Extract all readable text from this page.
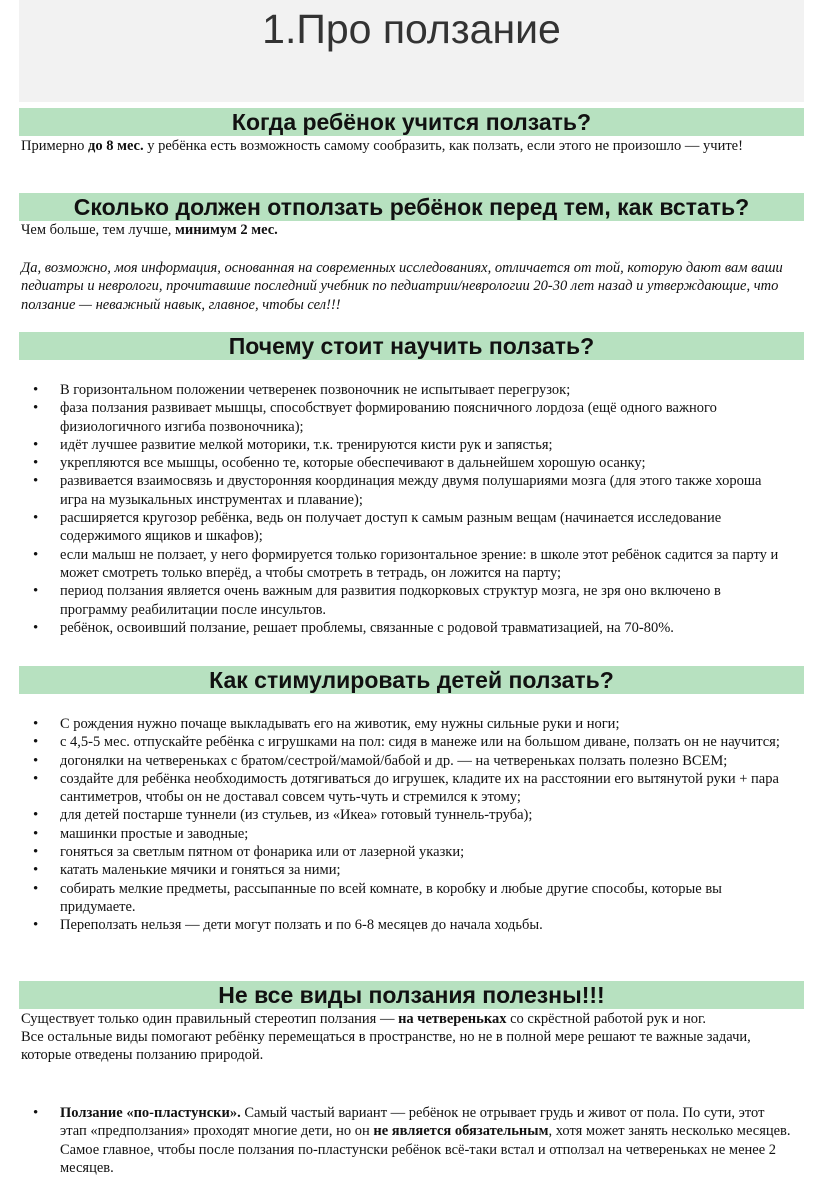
1.Про ползание
Когда ребёнок учится ползать?
Примерно до 8 мес. у ребёнка есть возможность самому сообразить, как ползать, если этого не произошло — учите!
Сколько должен отползать ребёнок перед тем, как встать?
Чем больше, тем лучше, минимум 2 мес.
Да, возможно, моя информация, основанная на современных исследованиях, отличается от той, которую дают вам ваши педиатры и неврологи, прочитавшие последний учебник по педиатрии/неврологии 20-30 лет назад и утверждающие, что ползание — неважный навык, главное, чтобы сел!!!
Почему стоит научить ползать?
• В горизонтальном положении четверенек позвоночник не испытывает перегрузок;
• фаза ползания развивает мышцы, способствует формированию поясничного лордоза (ещё одного важного физиологичного изгиба позвоночника);
• идёт лучшее развитие мелкой моторики, т.к. тренируются кисти рук и запястья;
• укрепляются все мышцы, особенно те, которые обеспечивают в дальнейшем хорошую осанку;
• развивается взаимосвязь и двусторонняя координация между двумя полушариями мозга (для этого также хороша игра на музыкальных инструментах и плавание);
• расширяется кругозор ребёнка, ведь он получает доступ к самым разным вещам (начинается исследование содержимого ящиков и шкафов);
• если малыш не ползает, у него формируется только горизонтальное зрение: в школе этот ребёнок садится за парту и может смотреть только вперёд, а чтобы смотреть в тетрадь, он ложится на парту;
• период ползания является очень важным для развития подкорковых структур мозга, не зря оно включено в программу реабилитации после инсультов.
• ребёнок, освоивший ползание, решает проблемы, связанные с родовой травматизацией, на 70-80%.
Как стимулировать детей ползать?
• С рождения нужно почаще выкладывать его на животик, ему нужны сильные руки и ноги;
• с 4,5-5 мес. отпускайте ребёнка с игрушками на пол: сидя в манеже или на большом диване, ползать он не научится;
• догонялки на четвереньках с братом/сестрой/мамой/бабой и др. — на четвереньках ползать полезно ВСЕМ;
• создайте для ребёнка необходимость дотягиваться до игрушек, кладите их на расстоянии его вытянутой руки + пара сантиметров, чтобы он не доставал совсем чуть-чуть и стремился к этому;
• для детей постарше туннели (из стульев, из «Икеа» готовый туннель-труба);
• машинки простые и заводные;
• гоняться за светлым пятном от фонарика или от лазерной указки;
• катать маленькие мячики и гоняться за ними;
• собирать мелкие предметы, рассыпанные по всей комнате, в коробку и любые другие способы, которые вы придумаете.
• Переползать нельзя — дети могут ползать и по 6-8 месяцев до начала ходьбы.
Не все виды ползания полезны!!!
Существует только один правильный стереотип ползания — на четвереньках со скрёстной работой рук и ног.
Все остальные виды помогают ребёнку перемещаться в пространстве, но не в полной мере решают те важные задачи, которые отведены ползанию природой.
• Ползание «по-пластунски». Самый частый вариант — ребёнок не отрывает грудь и живот от пола. По сути, этот этап «предползания» проходят многие дети, но он не является обязательным, хотя может занять несколько месяцев. Самое главное, чтобы после ползания по-пластунски ребёнок всё-таки встал и отползал на четвереньках не менее 2 месяцев.
